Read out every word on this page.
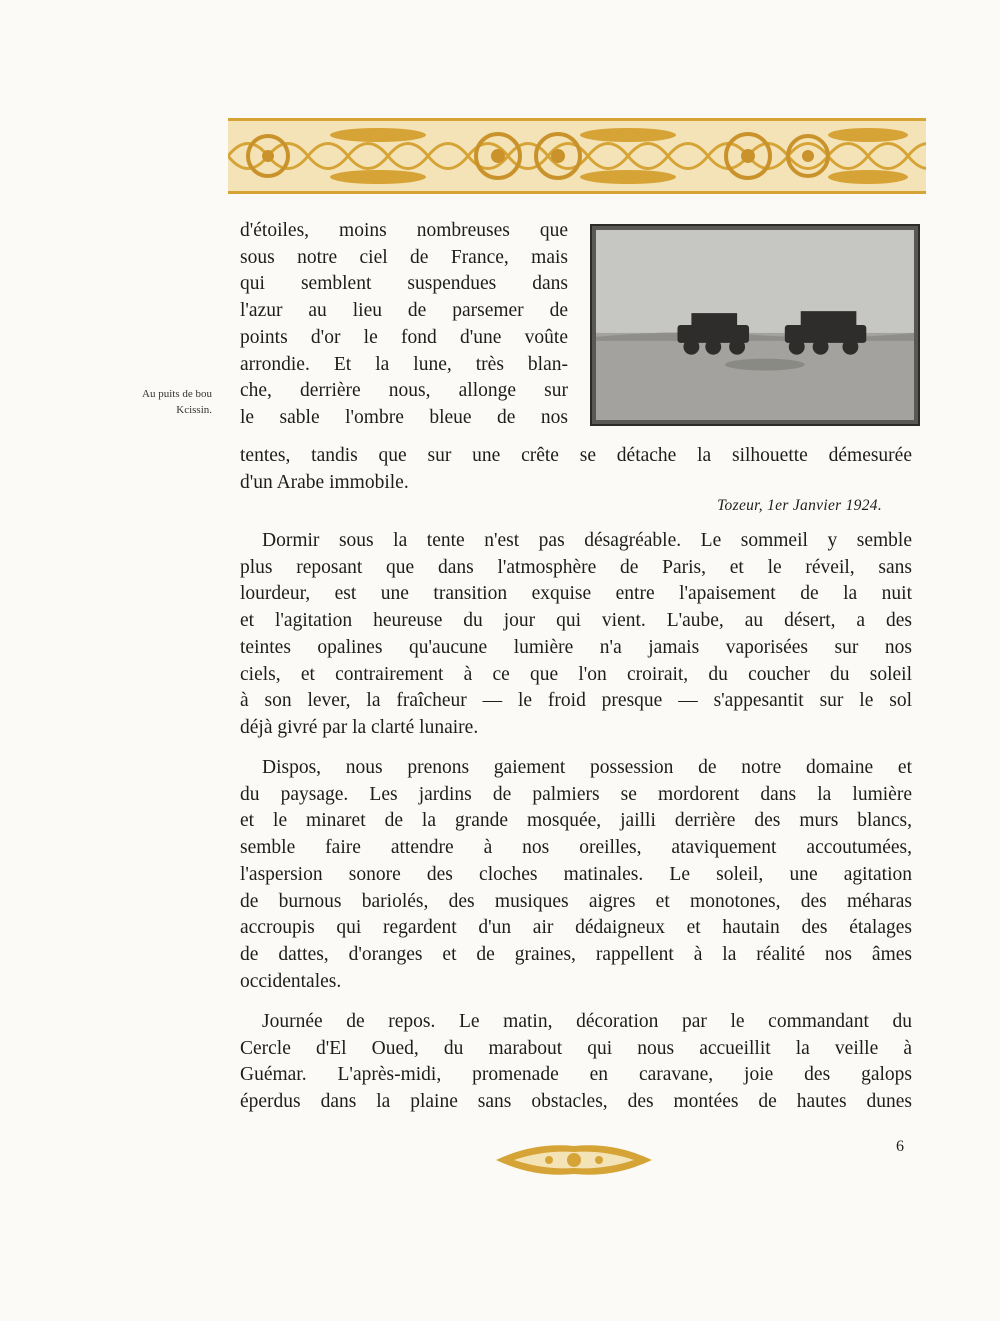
Au puits de bou
Kcissin.
d'étoiles, moins nombreuses que
sous notre ciel de France, mais
qui semblent suspendues dans
l'azur au lieu de parsemer de
points d'or le fond d'une voûte
arrondie. Et la lune, très blan-
che, derrière nous, allonge sur
le sable l'ombre bleue de nos
tentes, tandis que sur une crête se détache la silhouette démesurée
d'un Arabe immobile.
Tozeur, 1er Janvier 1924.
Dormir sous la tente n'est pas désagréable. Le sommeil y semble
plus reposant que dans l'atmosphère de Paris, et le réveil, sans
lourdeur, est une transition exquise entre l'apaisement de la nuit
et l'agitation heureuse du jour qui vient. L'aube, au désert, a des
teintes opalines qu'aucune lumière n'a jamais vaporisées sur nos
ciels, et contrairement à ce que l'on croirait, du coucher du soleil
à son lever, la fraîcheur — le froid presque — s'appesantit sur le sol
déjà givré par la clarté lunaire.
Dispos, nous prenons gaiement possession de notre domaine et
du paysage. Les jardins de palmiers se mordorent dans la lumière
et le minaret de la grande mosquée, jailli derrière des murs blancs,
semble faire attendre à nos oreilles, ataviquement accoutumées,
l'aspersion sonore des cloches matinales. Le soleil, une agitation
de burnous bariolés, des musiques aigres et monotones, des méharas
accroupis qui regardent d'un air dédaigneux et hautain des étalages
de dattes, d'oranges et de graines, rappellent à la réalité nos âmes
occidentales.
Journée de repos. Le matin, décoration par le commandant du
Cercle d'El Oued, du marabout qui nous accueillit la veille à
Guémar. L'après-midi, promenade en caravane, joie des galops
éperdus dans la plaine sans obstacles, des montées de hautes dunes
6
